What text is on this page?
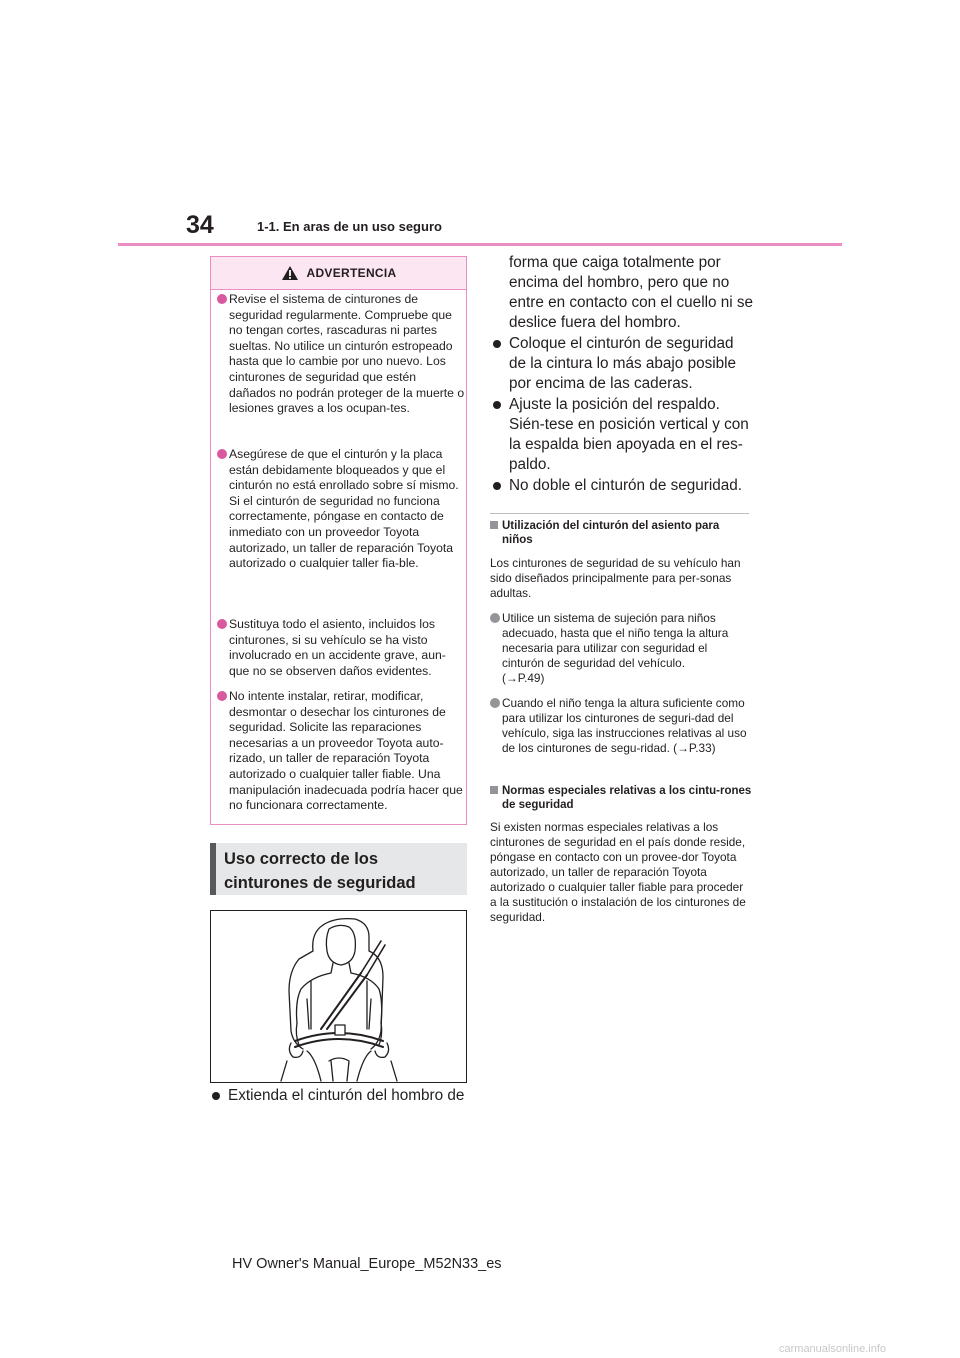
34	1-1. En aras de un uso seguro
ADVERTENCIA
Revise el sistema de cinturones de seguridad regularmente. Compruebe que no tengan cortes, rascaduras ni partes sueltas. No utilice un cinturón estropeado hasta que lo cambie por uno nuevo. Los cinturones de seguridad que estén dañados no podrán proteger de la muerte o lesiones graves a los ocupan-tes.
Asegúrese de que el cinturón y la placa están debidamente bloqueados y que el cinturón no está enrollado sobre sí mismo.
Si el cinturón de seguridad no funciona correctamente, póngase en contacto de inmediato con un proveedor Toyota autorizado, un taller de reparación Toyota autorizado o cualquier taller fia-ble.
Sustituya todo el asiento, incluidos los cinturones, si su vehículo se ha visto involucrado en un accidente grave, aun-que no se observen daños evidentes.
No intente instalar, retirar, modificar, desmontar o desechar los cinturones de seguridad. Solicite las reparaciones necesarias a un proveedor Toyota auto-rizado, un taller de reparación Toyota autorizado o cualquier taller fiable. Una manipulación inadecuada podría hacer que no funcionara correctamente.
Uso correcto de los cinturones de seguridad
Extienda el cinturón del hombro de
forma que caiga totalmente por encima del hombro, pero que no entre en contacto con el cuello ni se deslice fuera del hombro.
Coloque el cinturón de seguridad de la cintura lo más abajo posible por encima de las caderas.
Ajuste la posición del respaldo. Sién-tese en posición vertical y con la espalda bien apoyada en el res-paldo.
No doble el cinturón de seguridad.
Utilización del cinturón del asiento para niños
Los cinturones de seguridad de su vehículo han sido diseñados principalmente para per-sonas adultas.
Utilice un sistema de sujeción para niños adecuado, hasta que el niño tenga la altura necesaria para utilizar con seguridad el cinturón de seguridad del vehículo.
(→P.49)
Cuando el niño tenga la altura suficiente como para utilizar los cinturones de seguri-dad del vehículo, siga las instrucciones relativas al uso de los cinturones de segu-ridad. (→P.33)
Normas especiales relativas a los cintu-rones de seguridad
Si existen normas especiales relativas a los cinturones de seguridad en el país donde reside, póngase en contacto con un provee-dor Toyota autorizado, un taller de reparación Toyota autorizado o cualquier taller fiable para proceder a la sustitución o instalación de los cinturones de seguridad.
HV Owner's Manual_Europe_M52N33_es
carmanualsonline.info
